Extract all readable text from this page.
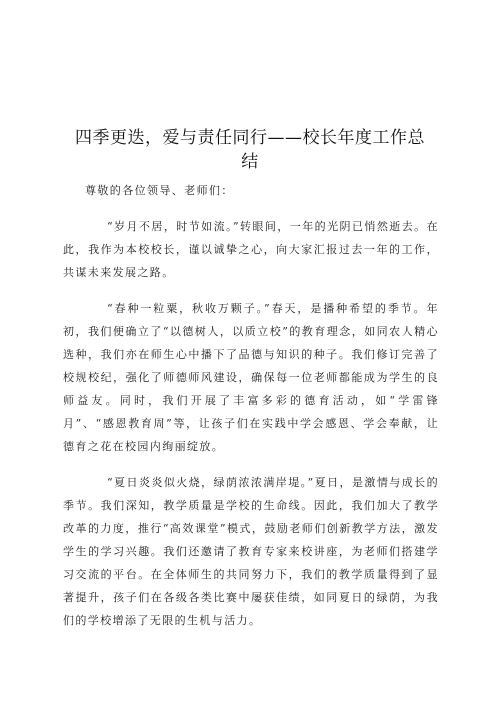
四季更迭，爱与责任同行——校长年度工作总
结

尊敬的各位领导、老师们：

“岁月不居，时节如流。”转眼间，一年的光阴已悄然逝去。在此，我作为本校校长，谨以诚挚之心，向大家汇报过去一年的工作，共谋未来发展之路。

“春种一粒粟，秋收万颗子。”春天，是播种希望的季节。年初，我们便确立了“以德树人，以质立校”的教育理念，如同农人精心选种，我们亦在师生心中播下了品德与知识的种子。我们修订完善了校规校纪，强化了师德师风建设，确保每一位老师都能成为学生的良师益友。同时，我们开展了丰富多彩的德育活动，如“学雷锋月”、“感恩教育周”等，让孩子们在实践中学会感恩、学会奉献，让德育之花在校园内绚丽绽放。

“夏日炎炎似火烧，绿荫浓浓满岸堤。”夏日，是激情与成长的季节。我们深知，教学质量是学校的生命线。因此，我们加大了教学改革的力度，推行“高效课堂”模式，鼓励老师们创新教学方法，激发学生的学习兴趣。我们还邀请了教育专家来校讲座，为老师们搭建学习交流的平台。在全体师生的共同努力下，我们的教学质量得到了显著提升，孩子们在各级各类比赛中屡获佳绩，如同夏日的绿荫，为我们的学校增添了无限的生机与活力。
